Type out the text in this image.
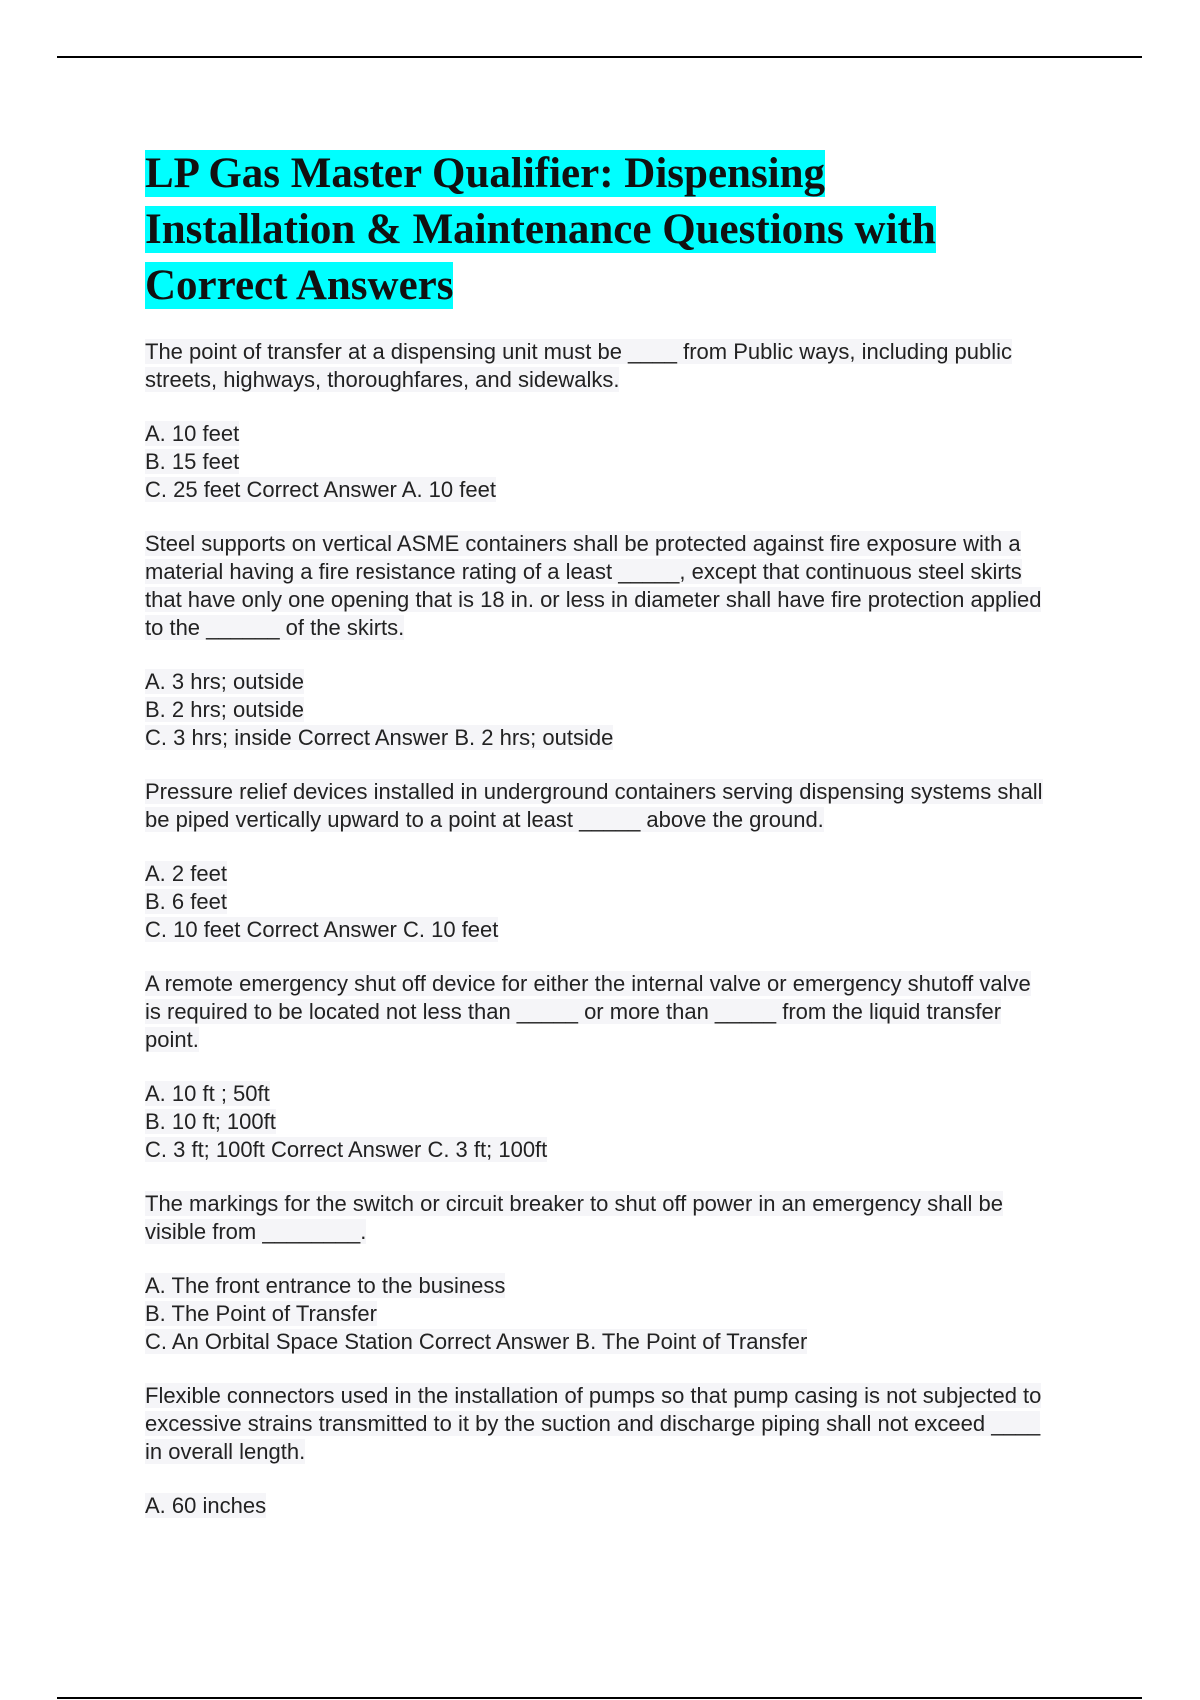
LP Gas Master Qualifier: Dispensing Installation & Maintenance Questions with Correct Answers

The point of transfer at a dispensing unit must be ____ from Public ways, including public streets, highways, thoroughfares, and sidewalks.

A. 10 feet
B. 15 feet
C. 25 feet Correct Answer A. 10 feet

Steel supports on vertical ASME containers shall be protected against fire exposure with a material having a fire resistance rating of a least _____, except that continuous steel skirts that have only one opening that is 18 in. or less in diameter shall have fire protection applied to the ______ of the skirts.

A. 3 hrs; outside
B. 2 hrs; outside
C. 3 hrs; inside Correct Answer B. 2 hrs; outside

Pressure relief devices installed in underground containers serving dispensing systems shall be piped vertically upward to a point at least _____ above the ground.

A. 2 feet
B. 6 feet
C. 10 feet Correct Answer C. 10 feet

A remote emergency shut off device for either the internal valve or emergency shutoff valve is required to be located not less than _____ or more than _____ from the liquid transfer point.

A. 10 ft ; 50ft
B. 10 ft; 100ft
C. 3 ft; 100ft Correct Answer C. 3 ft; 100ft

The markings for the switch or circuit breaker to shut off power in an emergency shall be visible from ________.

A. The front entrance to the business
B. The Point of Transfer
C. An Orbital Space Station Correct Answer B. The Point of Transfer

Flexible connectors used in the installation of pumps so that pump casing is not subjected to excessive strains transmitted to it by the suction and discharge piping shall not exceed ____ in overall length.

A. 60 inches
